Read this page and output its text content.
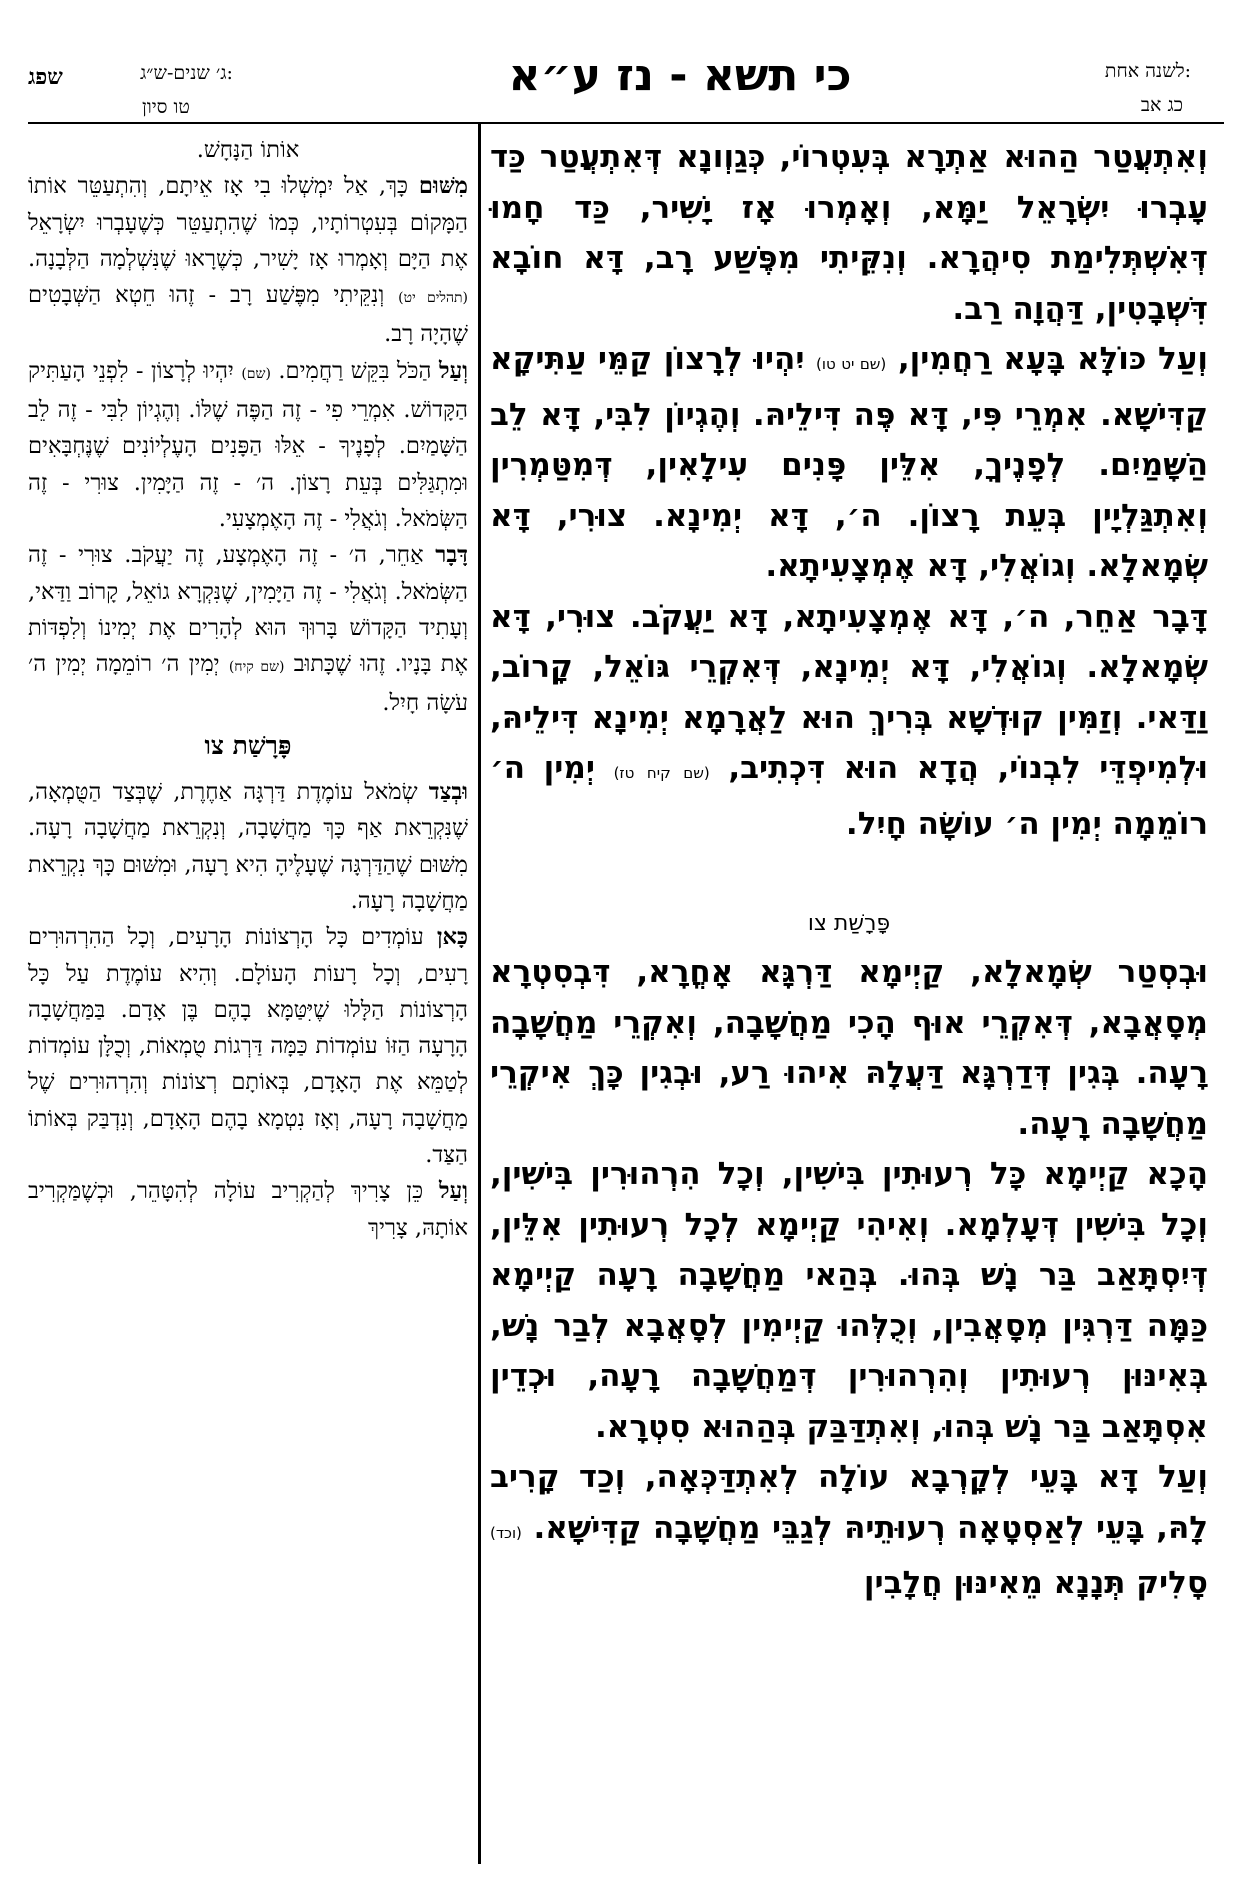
שפג	ג׳ שנים-ש״ג:
טו סיון
כי תשא - נז ע״א	לשנה אחת:
כג אב

וְאִתְעֲטַר הַהוּא אַתְרָא בְּעִטְרוֹי, כְּגַוְונָא דְּאִתְעֲטַר כַּד עָבְרוּ יִשְׂרָאֵל יַמָּא, וְאָמְרוּ אָז יָשִׁיר, כַּד חָמוּ דְּאִשְׁתְּלִימַת סִיהֲרָא. וְנִקֵּיתִי מִפֶּשַׁע רָב, דָּא חוֹבָא דִּשְׁבָטִין, דַּהֲוָה רַב.

וְעַל כּוֹלָּא בָּעָא רַחֲמִין, (שם יט טו) יִהְיוּ לְרָצוֹן קַמֵּי עַתִּיקָא קַדִּישָׁא. אִמְרֵי פִּי, דָּא פֶּה דִּילֵיהּ. וְהֶגְיוֹן לִבִּי, דָּא לֵב הַשָּׁמַיִם. לְפָנֶיךָ, אִלֵּין פָּנִים עִילָאִין, דְּמִטַּמְרִין וְאִתְגַּלְיָין בְּעֵת רָצוֹן. ה׳, דָּא יְמִינָא. צוּרִי, דָּא שְׂמָאלָא. וְגוֹאֲלִי, דָּא אֶמְצָעִיתָא.

דָּבָר אַחֵר, ה׳, דָּא אֶמְצָעִיתָא, דָּא יַעֲקֹב. צוּרִי, דָּא שְׂמָאלָא. וְגוֹאֲלִי, דָּא יְמִינָא, דְּאִקְרֵי גּוֹאֵל, קָרוֹב, וַדַּאי. וְזַמִּין קוּדְשָׁא בְּרִיךְ הוּא לַאֲרָמָא יְמִינָא דִּילֵיהּ, וּלְמִיפְדֵּי לִבְנוֹי, הֲדָא הוּא דִּכְתִיב, (שם קיח טז) יְמִין ה׳ רוֹמֵמָה יְמִין ה׳ עוֹשָׂה חָיִל.

פָּרָשַׁת צו

וּבְסְטַר שְׂמָאלָא, קַיְימָא דַּרְגָּא אָחֳרָא, דִּבְסִטְרָא מְסָאֲבָא, דְּאִקְרֵי אוּף הָכִי מַחֲשָׁבָה, וְאִקְרֵי מַחֲשָׁבָה רָעָה. בְּגִין דְּדַרְגָּא דַּעֲלָהּ אִיהוּ רַע, וּבְגִין כָּךְ אִיקְרֵי מַחֲשָׁבָה רָעָה.

הָכָא קַיְימָא כָּל רְעוּתִין בִּישִׁין, וְכָל הִרְהוּרִין בִּישִׁין, וְכָל בִּישִׁין דְּעָלְמָא. וְאִיהִי קַיְימָא לְכָל רְעוּתִין אִלֵּין, דְּיִסְתָּאַב בַּר נָשׁ בְּהוּ. בְּהַאי מַחֲשָׁבָה רָעָה קַיְימָא כַּמָּה דַּרְגִּין מְסָאֲבִין, וְכֻלְּהוּ קַיְימִין לְסָאֲבָא לְבַר נָשׁ, בְּאִינּוּן רְעוּתִין וְהִרְהוּרִין דְּמַחֲשָׁבָה רָעָה, וּכְדֵין אִסְתָּאַב בַּר נָשׁ בְּהוּ, וְאִתְדַּבַּק בְּהַהוּא סִטְרָא.

וְעַל דָּא בָּעֵי לְקָרְבָא עוֹלָה לְאִתְדַּכְּאָה, וְכַד קָרִיב לָהּ, בָּעֵי לְאַסְטָאָה רְעוּתֵיהּ לְגַבֵּי מַחֲשָׁבָה קַדִּישָׁא. (וכד) סָלִיק תְּנָנָא מֵאִינּוּן חֲלָבִין

אוֹתוֹ הַנָּחָשׁ.

מִשּׁוּם כָּךְ, אַל יִמְשְׁלוּ בִי אָז אֵיתָם, וְהִתְעַטֵּר אוֹתוֹ הַמָּקוֹם בְּעִטְרוֹתָיו, כְּמוֹ שֶׁהִתְעַטֵּר כְּשֶׁעָבְרוּ יִשְׂרָאֵל אֶת הַיָּם וְאָמְרוּ אָז יָשִׁיר, כְּשֶׁרָאוּ שֶׁנִּשְׁלְמָה הַלְּבָנָה. (תהלים יט) וְנִקֵּיתִי מִפֶּשַׁע רָב - זֶהוּ חֵטְא הַשְּׁבָטִים שֶׁהָיָה רָב.

וְעַל הַכֹּל בִּקֵּשׁ רַחֲמִים. (שם) יִהְיוּ לְרָצוֹן - לִפְנֵי הָעַתִּיק הַקָּדוֹשׁ. אִמְרֵי פִי - זֶה הַפֶּה שֶׁלּוֹ. וְהֶגְיוֹן לִבִּי - זֶה לֵב הַשָּׁמַיִם. לְפָנֶיךָ - אֵלּוּ הַפָּנִים הָעֶלְיוֹנִים שֶׁנֶּחְבָּאִים וּמִתְגַּלִּים בְּעֵת רָצוֹן. ה׳ - זֶה הַיָּמִין. צוּרִי - זֶה הַשְּׂמֹאל. וְגֹאֲלִי - זֶה הָאֶמְצָעִי.

דָּבָר אַחֵר, ה׳ - זֶה הָאֶמְצָע, זֶה יַעֲקֹב. צוּרִי - זֶה הַשְּׂמֹאל. וְגֹאֲלִי - זֶה הַיָּמִין, שֶׁנִּקְרָא גוֹאֵל, קָרוֹב וַדַּאי, וְעָתִיד הַקָּדוֹשׁ בָּרוּךְ הוּא לְהָרִים אֶת יְמִינוֹ וְלִפְדּוֹת אֶת בָּנָיו. זֶהוּ שֶׁכָּתוּב (שם קיח) יְמִין ה׳ רוֹמֵמָה יְמִין ה׳ עֹשָׂה חָיִל.

פָּרָשַׁת צו

וּבְצַד שְׂמֹאל עוֹמֶדֶת דַּרְגָּה אַחֶרֶת, שֶׁבְּצַד הַטֻּמְאָה, שֶׁנִּקְרֵאת אַף כָּךְ מַחֲשָׁבָה, וְנִקְרֵאת מַחֲשָׁבָה רָעָה. מִשּׁוּם שֶׁהַדַּרְגָּה שֶׁעָלֶיהָ הִיא רָעָה, וּמִשּׁוּם כָּךְ נִקְרֵאת מַחֲשָׁבָה רָעָה.

כָּאן עוֹמְדִים כָּל הָרְצוֹנוֹת הָרָעִים, וְכָל הַהִרְהוּרִים רָעִים, וְכָל רָעוֹת הָעוֹלָם. וְהִיא עוֹמֶדֶת עַל כָּל הָרְצוֹנוֹת הַלָּלוּ שֶׁיִּטַּמָּא בָהֶם בֶּן אָדָם. בַּמַּחֲשָׁבָה הָרָעָה הַזּוֹ עוֹמְדוֹת כַּמָּה דַּרְגוֹת טֻמְאוֹת, וְכֻלָּן עוֹמְדוֹת לְטַמֵּא אֶת הָאָדָם, בְּאוֹתָם רְצוֹנוֹת וְהִרְהוּרִים שֶׁל מַחֲשָׁבָה רָעָה, וְאָז נִטְמָא בָהֶם הָאָדָם, וְנִדְבַּק בְּאוֹתוֹ הַצַּד.

וְעַל כֵּן צָרִיךְ לְהַקְרִיב עוֹלָה לְהִטָּהֵר, וּכְשֶׁמַּקְרִיב אוֹתָהּ, צָרִיךְ
